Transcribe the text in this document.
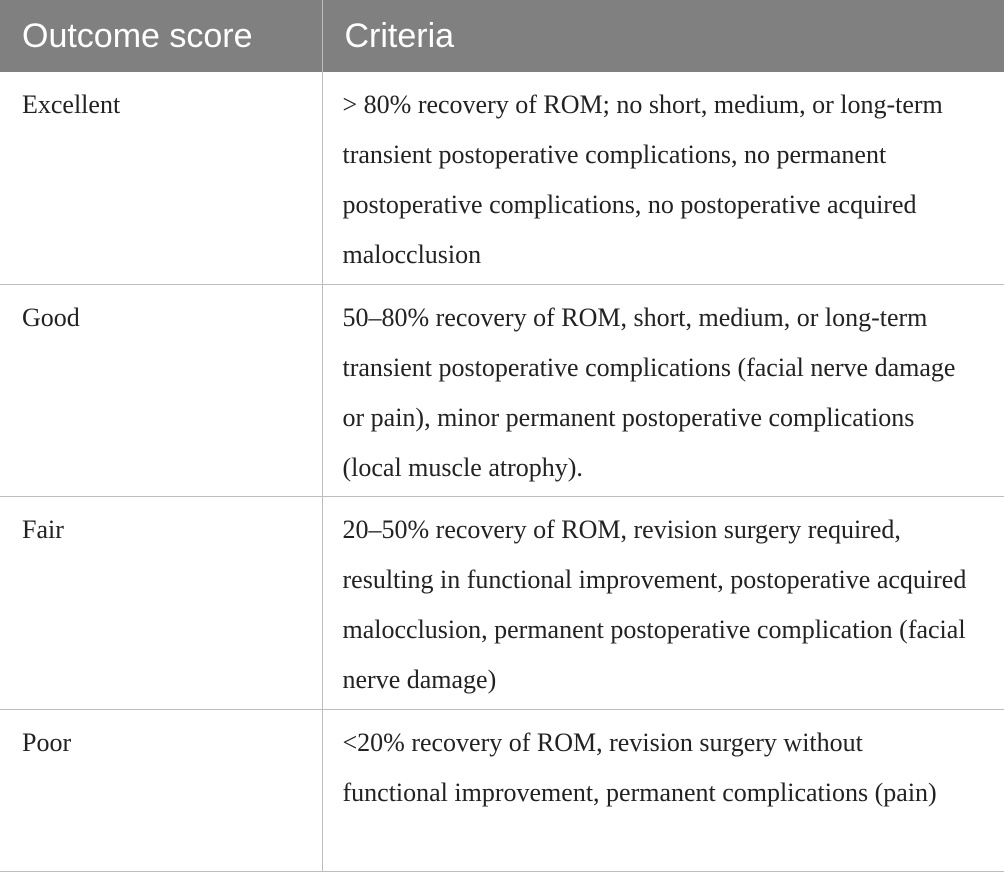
Outcome score	Criteria
Excellent	> 80% recovery of ROM; no short, medium, or long-term transient postoperative complications, no permanent postoperative complications, no postoperative acquired malocclusion
Good	50–80% recovery of ROM, short, medium, or long-term transient postoperative complications (facial nerve damage or pain), minor permanent postoperative complications (local muscle atrophy).
Fair	20–50% recovery of ROM, revision surgery required, resulting in functional improvement, postoperative acquired malocclusion, permanent postoperative complication (facial nerve damage)
Poor	<20% recovery of ROM, revision surgery without functional improvement, permanent complications (pain)
